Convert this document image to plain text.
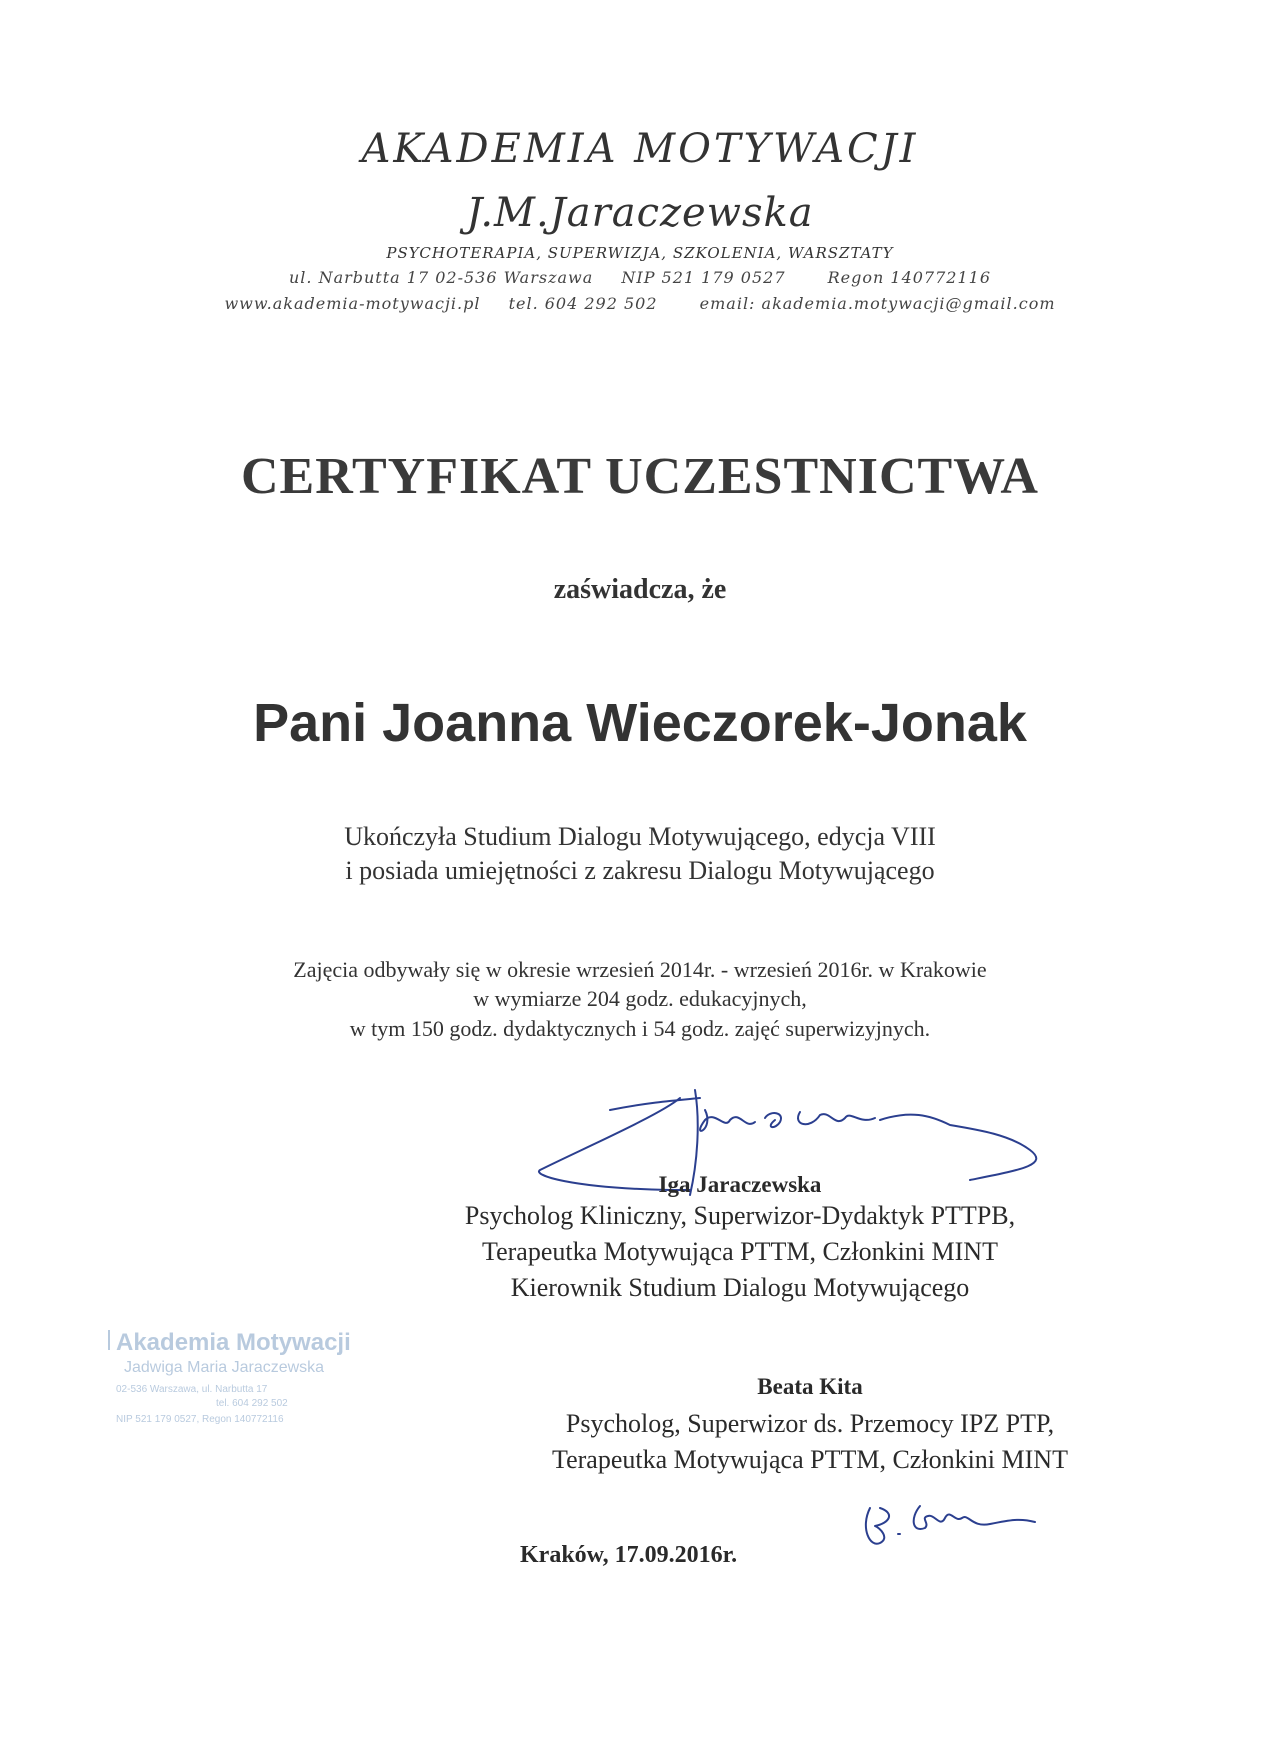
AKADEMIA MOTYWACJI
J.M.Jaraczewska
PSYCHOTERAPIA, SUPERWIZJA, SZKOLENIA, WARSZTATY
ul. Narbutta 17 02-536 Warszawa NIP 521 179 0527	Regon 140772116
www.akademia-motywacji.pl tel. 604 292 502	email: akademia.motywacji@gmail.com
CERTYFIKAT UCZESTNICTWA
zaświadcza, że
Pani Joanna Wieczorek-Jonak
Ukończyła Studium Dialogu Motywującego, edycja VIII
i posiada umiejętności z zakresu Dialogu Motywującego
Zajęcia odbywały się w okresie wrzesień 2014r. - wrzesień 2016r. w Krakowie
w wymiarze 204 godz. edukacyjnych,
w tym 150 godz. dydaktycznych i 54 godz. zajęć superwizyjnych.
Iga Jaraczewska
Psycholog Kliniczny, Superwizor-Dydaktyk PTTPB,
Terapeutka Motywująca PTTM, Członkini MINT
Kierownik Studium Dialogu Motywującego
Akademia Motywacji
Jadwiga Maria Jaraczewska
02-536 Warszawa, ul. Narbutta 17
tel. 604 292 502
NIP 521 179 0527, Regon 140772116
Beata Kita
Psycholog, Superwizor ds. Przemocy IPZ PTP,
Terapeutka Motywująca PTTM, Członkini MINT
Kraków, 17.09.2016r.
